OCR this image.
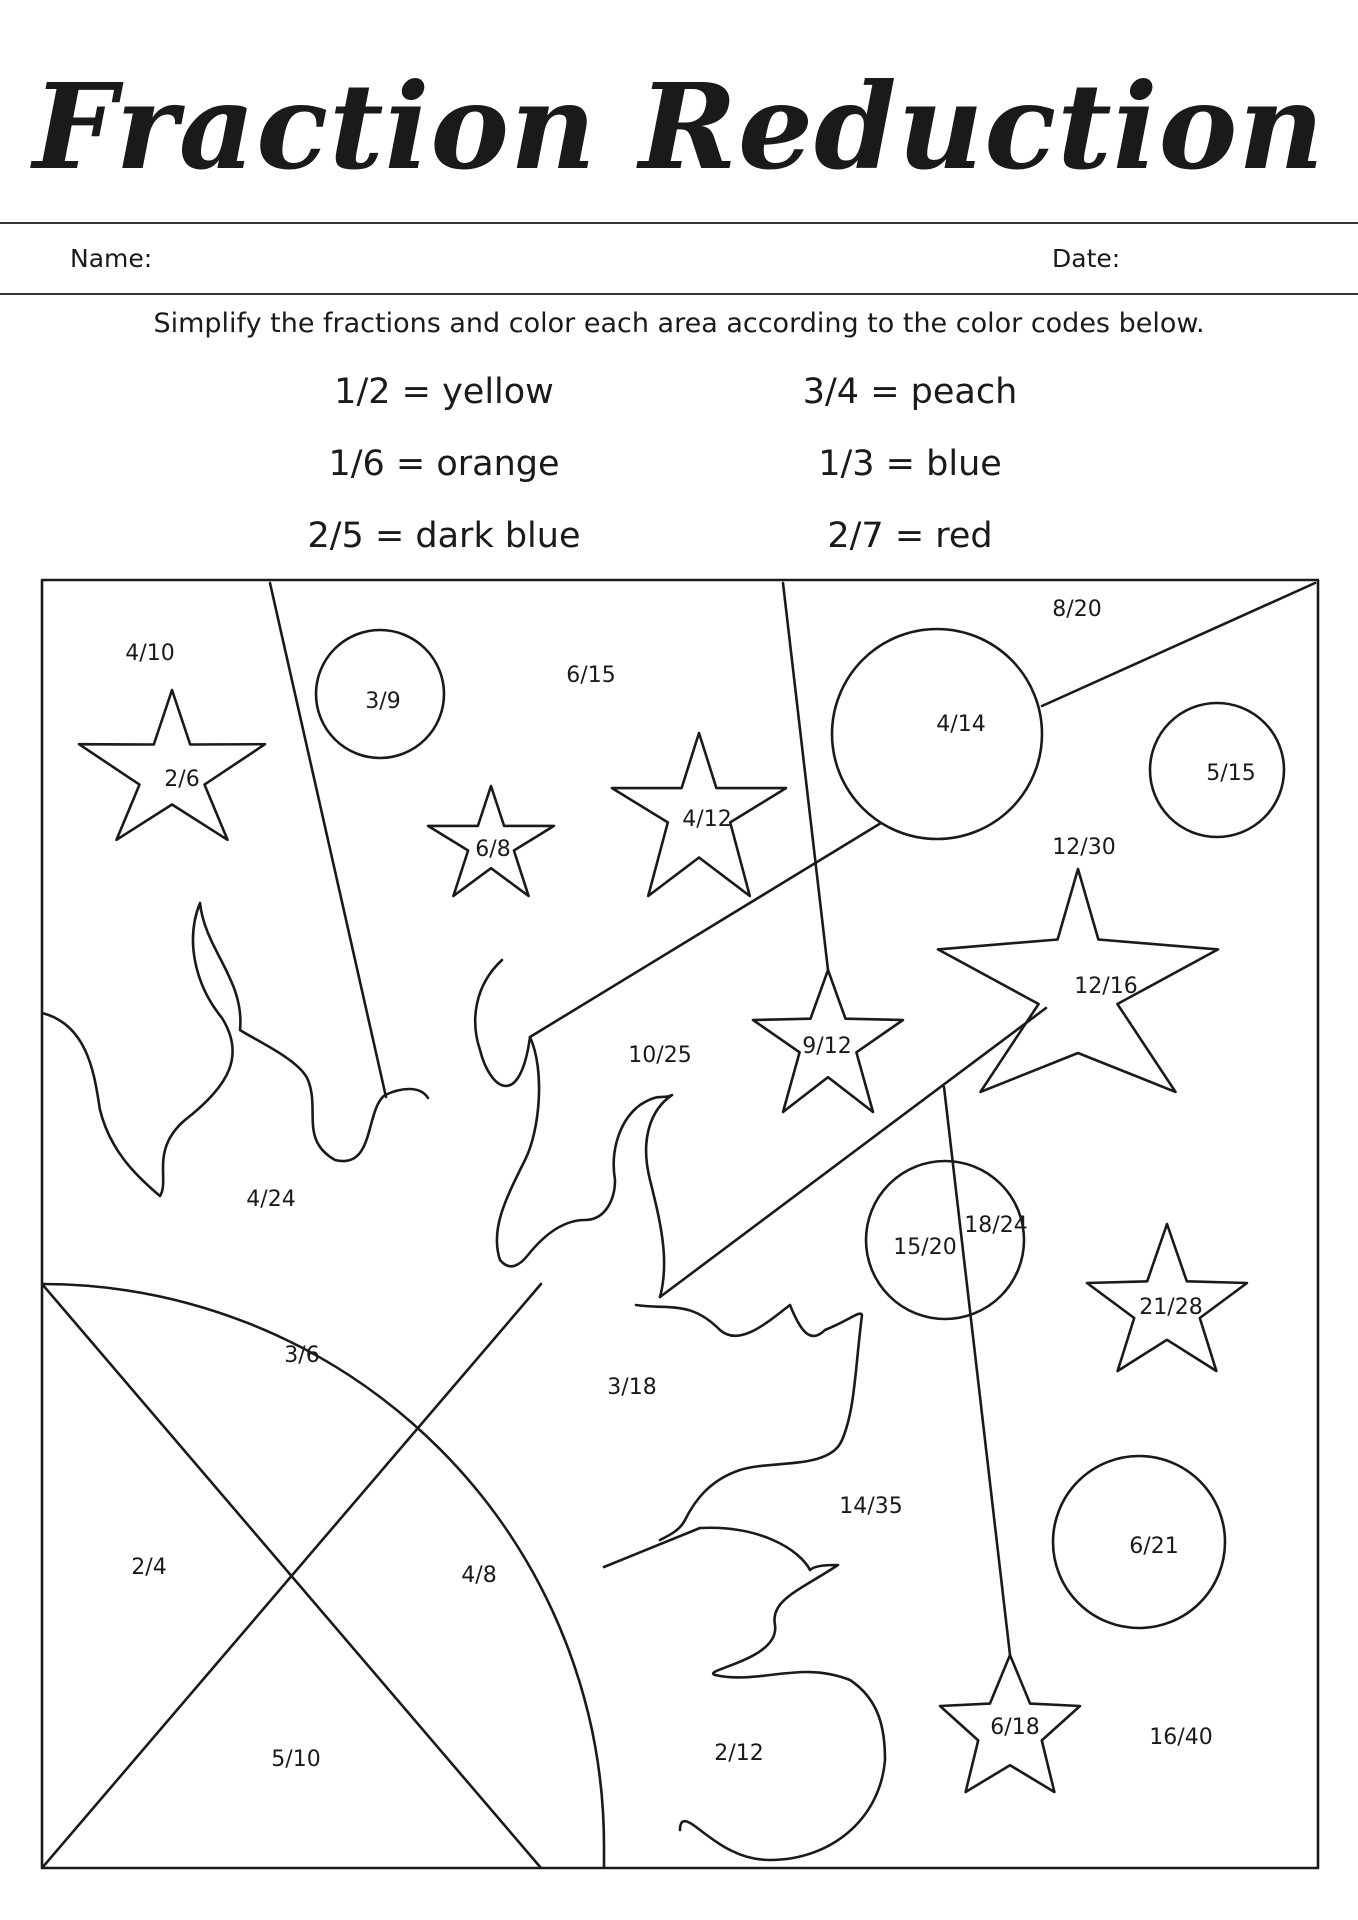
Fraction Reduction
Name:	Date:
Simplify the fractions and color each area according to the color codes below.
1/2 = yellow	3/4 = peach
1/6 = orange	1/3 = blue
2/5 = dark blue	2/7 = red
4/10
3/9
6/15
8/20
2/6
4/14
5/15
6/8
4/12
12/30
12/16
9/12
10/25
4/24
15/20
18/24
21/28
3/6
3/18
14/35
2/4	4/8
6/21
6/18	16/40
5/10	2/12
